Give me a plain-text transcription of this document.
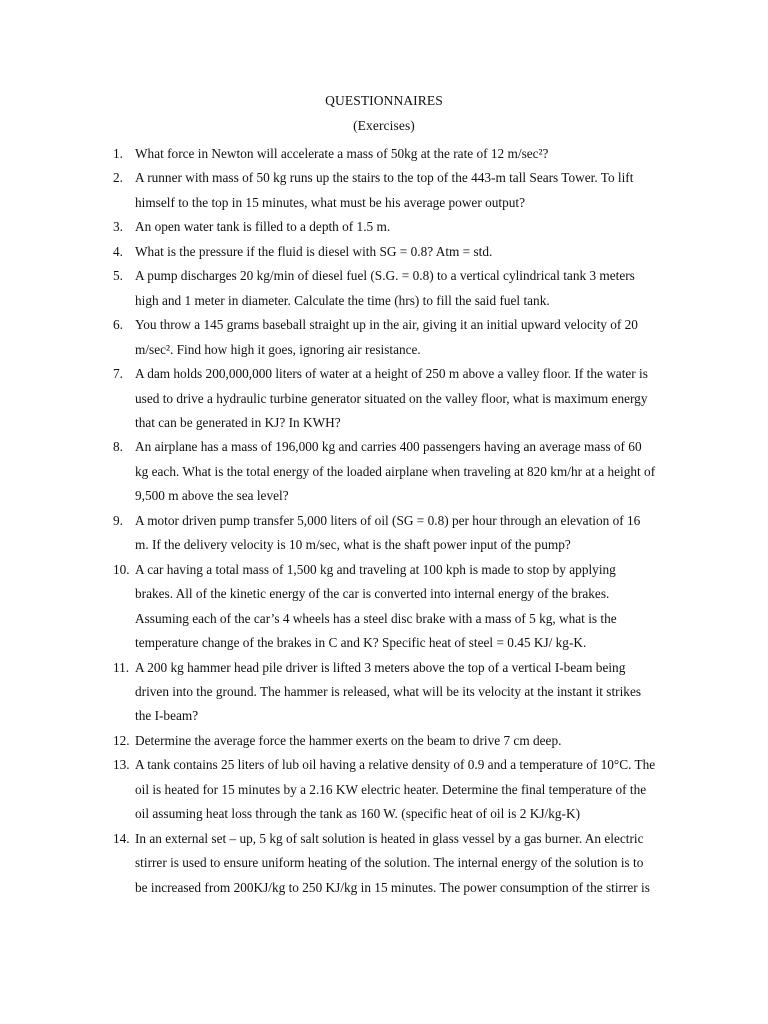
QUESTIONNAIRES
(Exercises)
1. What force in Newton will accelerate a mass of 50kg at the rate of 12 m/sec²?
2. A runner with mass of 50 kg runs up the stairs to the top of the 443-m tall Sears Tower. To lift
himself to the top in 15 minutes, what must be his average power output?
3. An open water tank is filled to a depth of 1.5 m.
4. What is the pressure if the fluid is diesel with SG = 0.8? Atm = std.
5. A pump discharges 20 kg/min of diesel fuel (S.G. = 0.8) to a vertical cylindrical tank 3 meters
high and 1 meter in diameter. Calculate the time (hrs) to fill the said fuel tank.
6. You throw a 145 grams baseball straight up in the air, giving it an initial upward velocity of 20
m/sec². Find how high it goes, ignoring air resistance.
7. A dam holds 200,000,000 liters of water at a height of 250 m above a valley floor. If the water is
used to drive a hydraulic turbine generator situated on the valley floor, what is maximum energy
that can be generated in KJ? In KWH?
8. An airplane has a mass of 196,000 kg and carries 400 passengers having an average mass of 60
kg each. What is the total energy of the loaded airplane when traveling at 820 km/hr at a height of
9,500 m above the sea level?
9. A motor driven pump transfer 5,000 liters of oil (SG = 0.8) per hour through an elevation of 16
m. If the delivery velocity is 10 m/sec, what is the shaft power input of the pump?
10. A car having a total mass of 1,500 kg and traveling at 100 kph is made to stop by applying
brakes. All of the kinetic energy of the car is converted into internal energy of the brakes.
Assuming each of the car’s 4 wheels has a steel disc brake with a mass of 5 kg, what is the
temperature change of the brakes in C and K? Specific heat of steel = 0.45 KJ/ kg-K.
11. A 200 kg hammer head pile driver is lifted 3 meters above the top of a vertical I-beam being
driven into the ground. The hammer is released, what will be its velocity at the instant it strikes
the I-beam?
12. Determine the average force the hammer exerts on the beam to drive 7 cm deep.
13. A tank contains 25 liters of lub oil having a relative density of 0.9 and a temperature of 10°C. The
oil is heated for 15 minutes by a 2.16 KW electric heater. Determine the final temperature of the
oil assuming heat loss through the tank as 160 W. (specific heat of oil is 2 KJ/kg-K)
14. In an external set – up, 5 kg of salt solution is heated in glass vessel by a gas burner. An electric
stirrer is used to ensure uniform heating of the solution. The internal energy of the solution is to
be increased from 200KJ/kg to 250 KJ/kg in 15 minutes. The power consumption of the stirrer is
